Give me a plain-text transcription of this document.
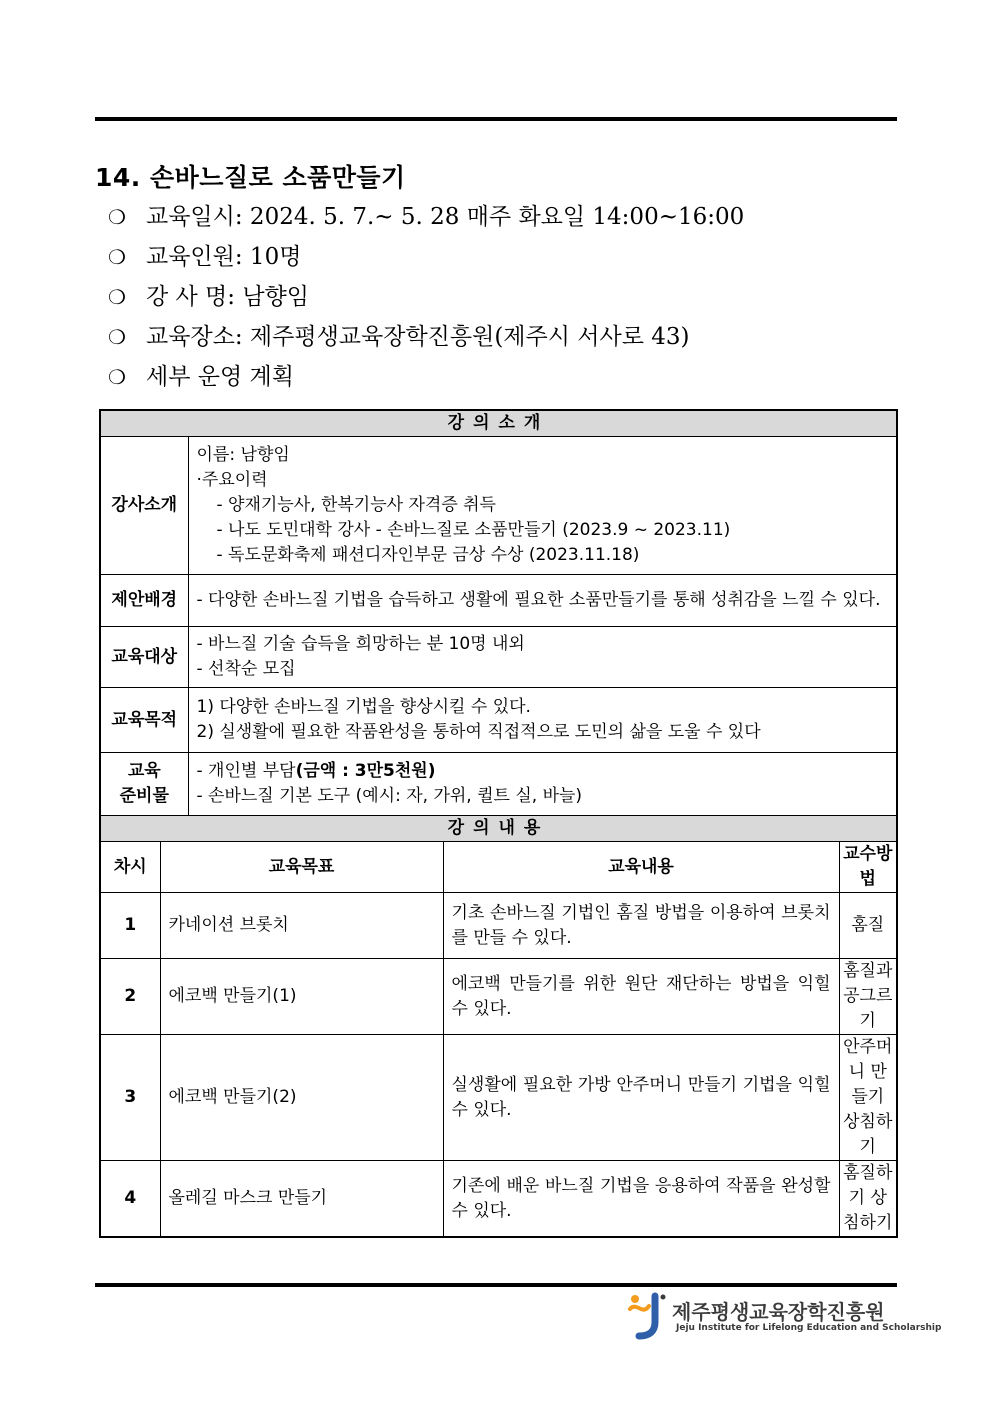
14. 손바느질로 소품만들기
❍ 교육일시: 2024. 5. 7.~ 5. 28 매주 화요일 14:00~16:00
❍ 교육인원: 10명
❍ 강 사 명: 남향임
❍ 교육장소: 제주평생교육장학진흥원(제주시 서사로 43)
❍ 세부 운영 계획
강의소개				
강사소개		이름: 남향임
·주요이력
- 양재기능사, 한복기능사 자격증 취득
- 나도 도민대학 강사 - 손바느질로 소품만들기 (2023.9 ~ 2023.11)
- 독도문화축제 패션디자인부문 금상 수상 (2023.11.18)		

제안배경		- 다양한 손바느질 기법을 습득하고 생활에 필요한 소품만들기를 통해 성취감을 느낄 수 있다.		
교육대상		- 바느질 기술 습득을 희망하는 분 10명 내외
- 선착순 모집		

교육목적		1) 다양한 손바느질 기법을 향상시킬 수 있다.
2) 실생활에 필요한 작품완성을 통하여 직접적으로 도민의 삶을 도울 수 있다		

교육
준비물		- 개인별 부담(금액 : 3만5천원)
- 손바느질 기본 도구 (예시: 자, 가위, 퀼트 실, 바늘)		

강의내용				
차시	교육목표		교육내용	교수방법
1	카네이션 브롯치		기초 손바느질 기법인 홈질 방법을 이용하여 브롯치를 만들 수 있다.	홈질
2	에코백 만들기(1)		에코백 만들기를 위한 원단 재단하는 방법을 익힐 수 있다.	홈질과 공그르기
3	에코백 만들기(2)		실생활에 필요한 가방 안주머니 만들기 기법을 익힐 수 있다.	안주머니 만들기 상침하기
4	올레길 마스크 만들기		기존에 배운 바느질 기법을 응용하여 작품을 완성할 수 있다.	홈질하기 상침하기
제주평생교육장학진흥원
Jeju Institute for Lifelong Education and Scholarship
